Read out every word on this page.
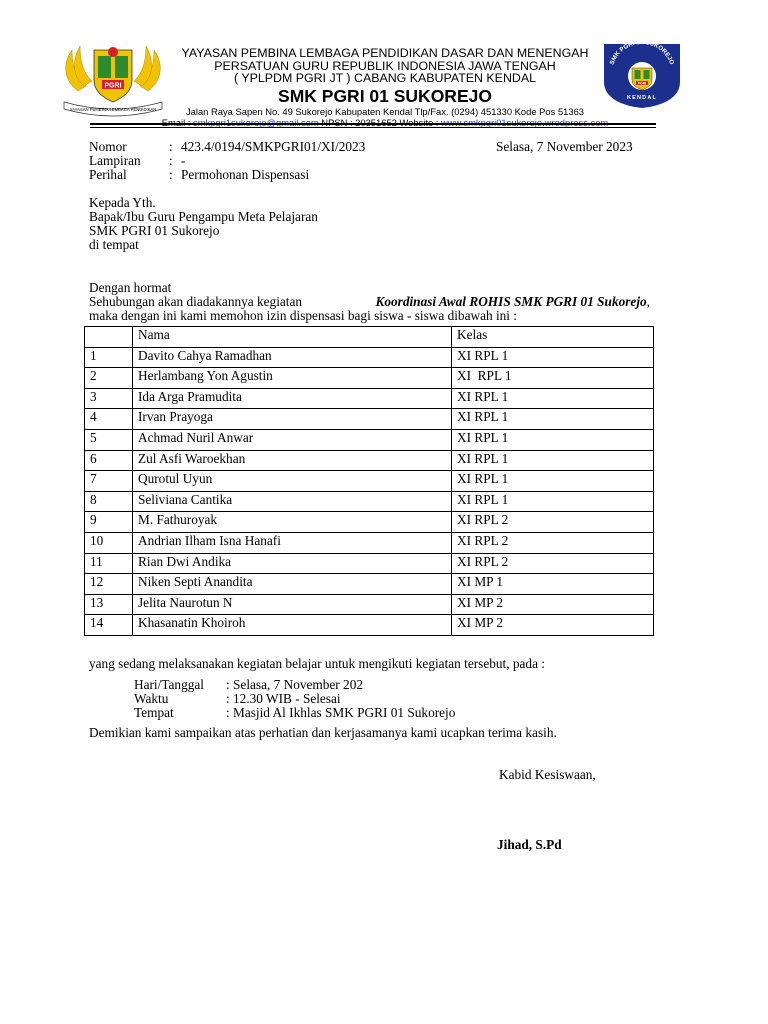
PGRI
YAYASAN PEMBINA LEMBAGA PENDIDIKAN
YAYASAN PEMBINA LEMBAGA PENDIDIKAN DASAR DAN MENENGAH
PERSATUAN GURU REPUBLIK INDONESIA JAWA TENGAH
( YPLPDM PGRI JT ) CABANG KABUPATEN KENDAL
SMK PGRI 01 SUKOREJO
Jalan Raya Sapen No. 49 Sukorejo Kabupaten Kendal Tlp/Fax. (0294) 451330 Kode Pos 51363
Email : smkpgri1sukorejo@gmail.com NPSN : 20351652 Website : www.smkpgri01sukorejo.wrodpress.com
SMK PGRI 01 SUKOREJO
PGRI
KENDAL
Nomor	: 423.4/0194/SMKPGRI01/XI/2023
Lampiran	: -
Perihal	: Permohonan Dispensasi
Selasa, 7 November 2023
Kepada Yth.
Bapak/Ibu Guru Pengampu Meta Pelajaran
SMK PGRI 01 Sukorejo
di tempat
Dengan hormat
Sehubungan akan diadakannya kegiatan	Koordinasi Awal ROHIS SMK PGRI 01 Sukorejo,
maka dengan ini kami memohon izin dispensasi bagi siswa - siswa dibawah ini :
	Nama	Kelas
1	Davito Cahya Ramadhan	XI RPL 1
2	Herlambang Yon Agustin	XI  RPL 1
3	Ida Arga Pramudita	XI RPL 1
4	Irvan Prayoga	XI RPL 1
5	Achmad Nuril Anwar	XI RPL 1
6	Zul Asfi Waroekhan	XI RPL 1
7	Qurotul Uyun	XI RPL 1
8	Seliviana Cantika	XI RPL 1
9	M. Fathuroyak	XI RPL 2
10	Andrian Ilham Isna Hanafi	XI RPL 2
11	Rian Dwi Andika	XI RPL 2
12	Niken Septi Anandita	XI MP 1
13	Jelita Naurotun N	XI MP 2
14	Khasanatin Khoiroh	XI MP 2
yang sedang melaksanakan kegiatan belajar untuk mengikuti kegiatan tersebut, pada :
Hari/Tanggal	: Selasa, 7 November 202
Waktu	: 12.30 WIB - Selesai
Tempat	: Masjid Al Ikhlas SMK PGRI 01 Sukorejo
Demikian kami sampaikan atas perhatian dan kerjasamanya kami ucapkan terima kasih.
Kabid Kesiswaan,
Jihad, S.Pd
